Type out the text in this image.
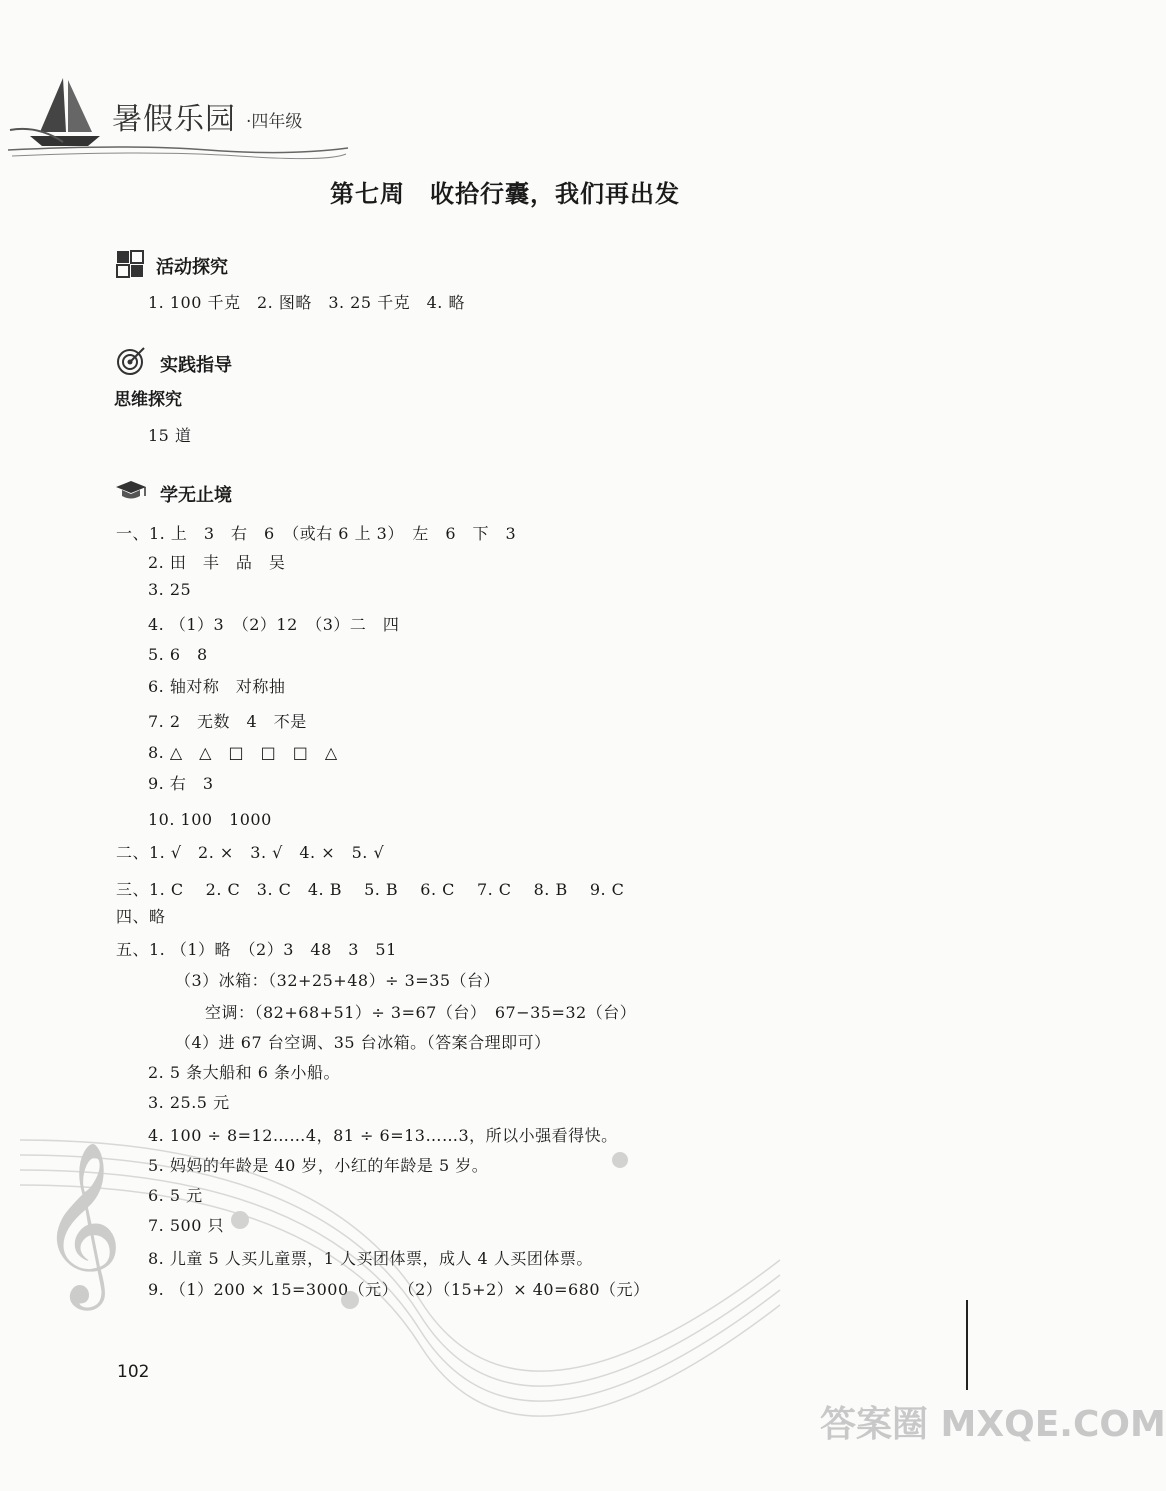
暑假乐园 ·四年级
第七周　收拾行囊，我们再出发
活动探究
1. 100 千克　2. 图略　3. 25 千克　4. 略
实践指导
思维探究
15 道
学无止境
一、1. 上　3　右　6　（或右 6 上 3）　左　6　下　3
2. 田　丰　品　吴
3. 25
4. （1）3　（2）12　（3）二　四
5. 6　8
6. 轴对称　对称抽
7. 2　无数　4　不是
8. △　△　□　□　□　△
9. 右　3
10. 100　1000
二、1. √　2. ×　3. √　4. ×　5. √
三、1. C　 2. C　3. C　4. B　 5. B　 6. C　 7. C　 8. B　 9. C
四、略
五、1. （1）略　（2）3　48　3　51
（3）冰箱：（32+25+48）÷ 3=35（台）
空调：（82+68+51）÷ 3=67（台）　67−35=32（台）
（4）进 67 台空调、35 台冰箱。（答案合理即可）
2. 5 条大船和 6 条小船。
3. 25.5 元
4. 100 ÷ 8=12……4，81 ÷ 6=13……3，所以小强看得快。
5. 妈妈的年龄是 40 岁，小红的年龄是 5 岁。
6. 5 元
7. 500 只
8. 儿童 5 人买儿童票，1 人买团体票，成人 4 人买团体票。
9. （1）200 × 15=3000（元）　（2）（15+2）× 40=680（元）
𝄞
102
答案圈 MXQE.COM
